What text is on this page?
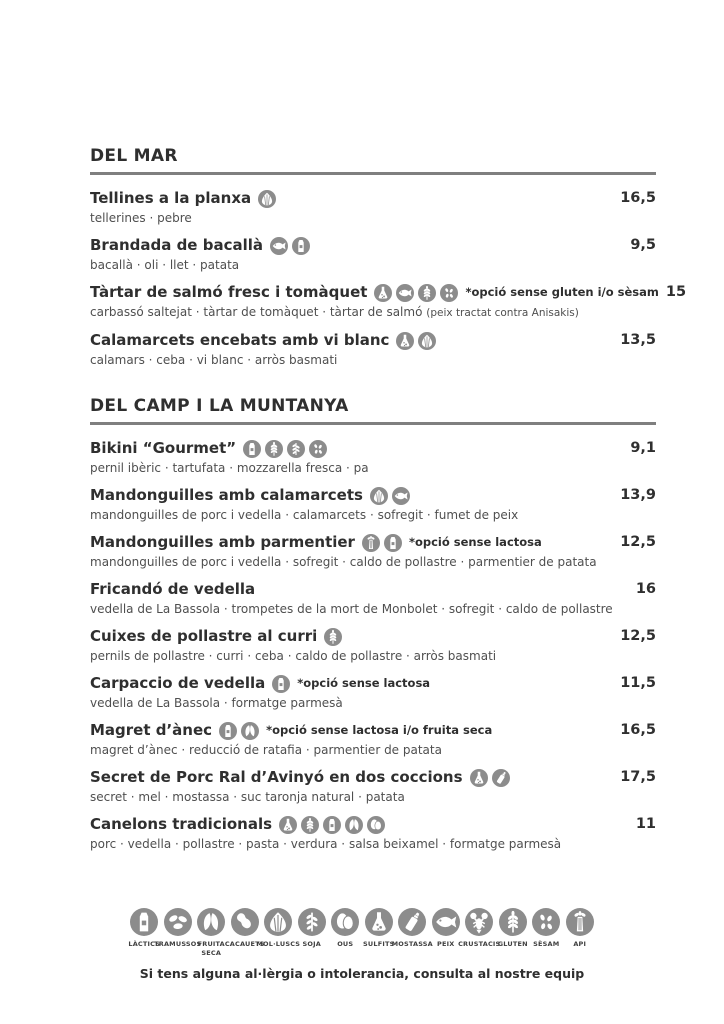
DEL MAR
Tellines a la planxa	16,5
tellerines · pebre
Brandada de bacallà	9,5
bacallà · oli · llet · patata
Tàrtar de salmó fresc i tomàquet	*opció sense gluten i/o sèsam 15
carbassó saltejat · tàrtar de tomàquet · tàrtar de salmó (peix tractat contra Anisakis)
Calamarcets encebats amb vi blanc	13,5
calamars · ceba · vi blanc · arròs basmati
DEL CAMP I LA MUNTANYA
Bikini “Gourmet”	9,1
pernil ibèric · tartufata · mozzarella fresca · pa
Mandonguilles amb calamarcets	13,9
mandonguilles de porc i vedella · calamarcets · sofregit · fumet de peix
Mandonguilles amb parmentier	*opció sense lactosa	12,5
mandonguilles de porc i vedella · sofregit · caldo de pollastre · parmentier de patata
Fricandó de vedella	16
vedella de La Bassola · trompetes de la mort de Monbolet · sofregit · caldo de pollastre
Cuixes de pollastre al curri	12,5
pernils de pollastre · curri · ceba · caldo de pollastre · arròs basmati
Carpaccio de vedella	*opció sense lactosa	11,5
vedella de La Bassola · formatge parmesà
Magret d’ànec	*opció sense lactosa i/o fruita seca	16,5
magret d’ànec · reducció de ratafia · parmentier de patata
Secret de Porc Ral d’Avinyó en dos coccions	17,5
secret · mel · mostassa · suc taronja natural · patata
Canelons tradicionals	11
porc · vedella · pollastre · pasta · verdura · salsa beixamel · formatge parmesà
LÀCTICS
TRAMUSSOS
FRUITA SECA
CACAUETS
MOL·LUSCS SOJA OUS SULFITS
MOSTASSA PEIX CRUSTACIS
GLUTEN SÈSAM API
Si tens alguna al·lèrgia o intolerancia, consulta al nostre equip
